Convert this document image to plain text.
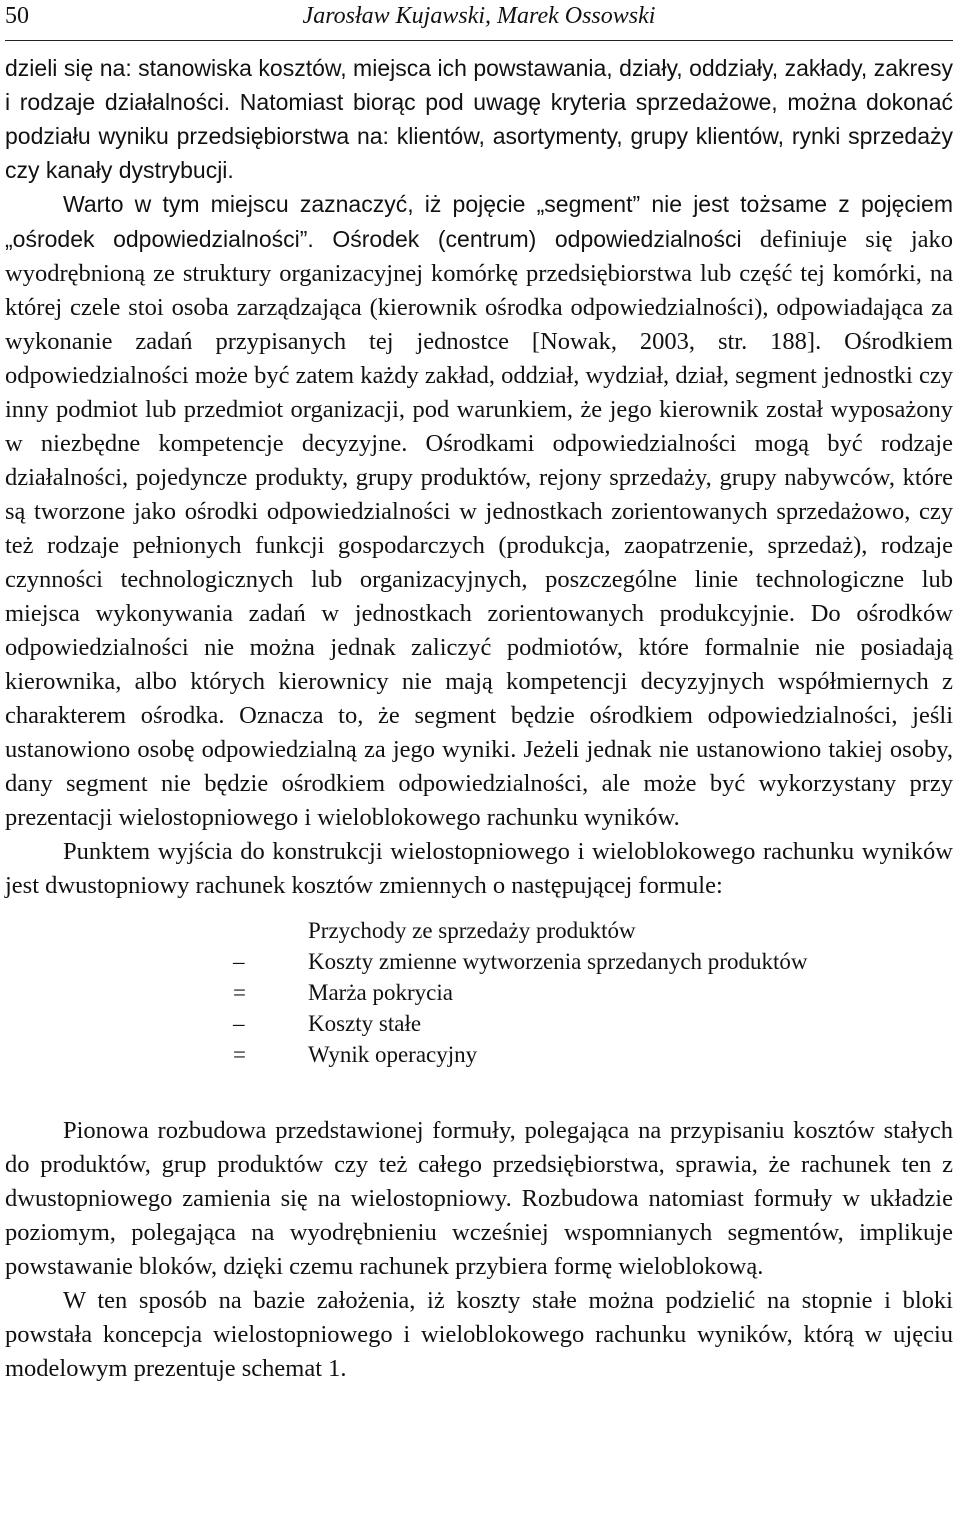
50	Jarosław Kujawski, Marek Ossowski

dzieli się na: stanowiska kosztów, miejsca ich powstawania, działy, oddziały, zakłady, zakresy i rodzaje działalności. Natomiast biorąc pod uwagę kryteria sprzedażowe, można dokonać podziału wyniku przedsiębiorstwa na: klientów, asortymenty, grupy klientów, rynki sprzedaży czy kanały dystrybucji.

Warto w tym miejscu zaznaczyć, iż pojęcie „segment” nie jest tożsame z pojęciem „ośrodek odpowiedzialności”. Ośrodek (centrum) odpowiedzialności definiuje się jako wyodrębnioną ze struktury organizacyjnej komórkę przedsiębiorstwa lub część tej komórki, na której czele stoi osoba zarządzająca (kierownik ośrodka odpowiedzialności), odpowiadająca za wykonanie zadań przypisanych tej jednostce [Nowak, 2003, str. 188]. Ośrodkiem odpowiedzialności może być zatem każdy zakład, oddział, wydział, dział, segment jednostki czy inny podmiot lub przedmiot organizacji, pod warunkiem, że jego kierownik został wyposażony w niezbędne kompetencje decyzyjne. Ośrodkami odpowiedzialności mogą być rodzaje działalności, pojedyncze produkty, grupy produktów, rejony sprzedaży, grupy nabywców, które są tworzone jako ośrodki odpowiedzialności w jednostkach zorientowanych sprzedażowo, czy też rodzaje pełnionych funkcji gospodarczych (produkcja, zaopatrzenie, sprzedaż), rodzaje czynności technologicznych lub organizacyjnych, poszczególne linie technologiczne lub miejsca wykonywania zadań w jednostkach zorientowanych produkcyjnie. Do ośrodków odpowiedzialności nie można jednak zaliczyć podmiotów, które formalnie nie posiadają kierownika, albo których kierownicy nie mają kompetencji decyzyjnych współmiernych z charakterem ośrodka. Oznacza to, że segment będzie ośrodkiem odpowiedzialności, jeśli ustanowiono osobę odpowiedzialną za jego wyniki. Jeżeli jednak nie ustanowiono takiej osoby, dany segment nie będzie ośrodkiem odpowiedzialności, ale może być wykorzystany przy prezentacji wielostopniowego i wieloblokowego rachunku wyników.

Punktem wyjścia do konstrukcji wielostopniowego i wieloblokowego rachunku wyników jest dwustopniowy rachunek kosztów zmiennych o następującej formule:

Przychody ze sprzedaży produktów
–	Koszty zmienne wytworzenia sprzedanych produktów
=	Marża pokrycia
–	Koszty stałe
=	Wynik operacyjny

Pionowa rozbudowa przedstawionej formuły, polegająca na przypisaniu kosztów stałych do produktów, grup produktów czy też całego przedsiębiorstwa, sprawia, że rachunek ten z dwustopniowego zamienia się na wielostopniowy. Rozbudowa natomiast formuły w układzie poziomym, polegająca na wyodrębnieniu wcześniej wspomnianych segmentów, implikuje powstawanie bloków, dzięki czemu rachunek przybiera formę wieloblokową.

W ten sposób na bazie założenia, iż koszty stałe można podzielić na stopnie i bloki powstała koncepcja wielostopniowego i wieloblokowego rachunku wyników, którą w ujęciu modelowym prezentuje schemat 1.
